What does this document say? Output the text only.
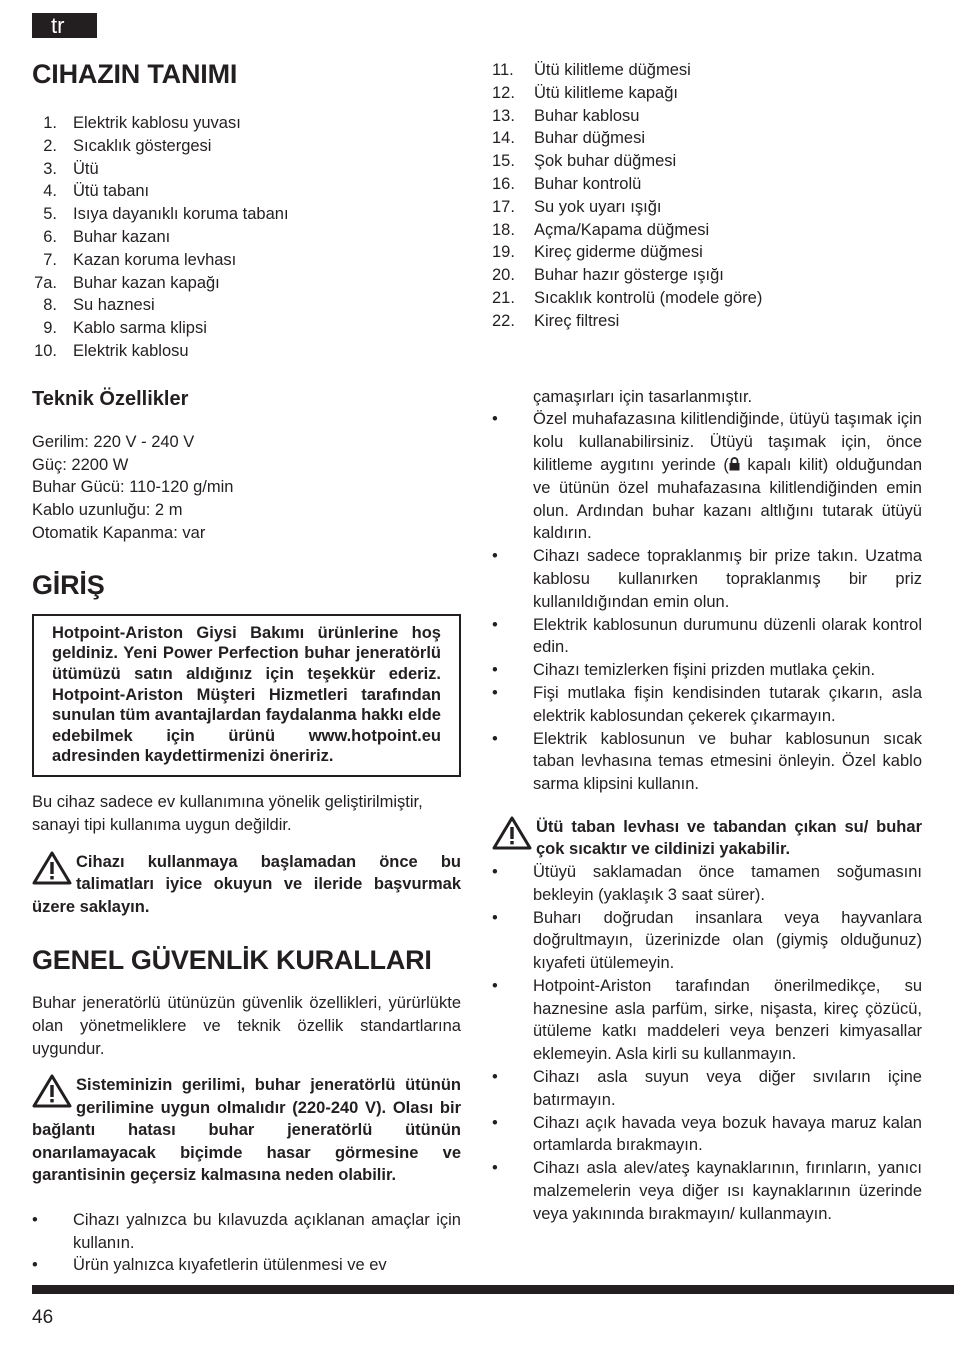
tr
CIHAZIN TANIMI
1. Elektrik kablosu yuvası
2. Sıcaklık göstergesi
3. Ütü
4. Ütü tabanı
5. Isıya dayanıklı koruma tabanı
6. Buhar kazanı
7. Kazan koruma levhası
7a. Buhar kazan kapağı
8. Su haznesi
9. Kablo sarma klipsi
10. Elektrik kablosu
Teknik Özellikler

Gerilim: 220 V - 240 V

Güç: 2200 W

Buhar Gücü: 110-120 g/min

Kablo uzunluğu: 2 m

Otomatik Kapanma: var

GİRİŞ
Hotpoint-Ariston Giysi Bakımı ürünlerine hoş geldiniz. Yeni Power Perfection buhar jeneratörlü ütümüzü satın aldığınız için teşekkür ederiz. Hotpoint-Ariston Müşteri Hizmetleri tarafından sunulan tüm avantajlardan faydalanma hakkı elde edebilmek için ürünü www.hotpoint.eu adresinden kaydettirmenizi öneririz.

Bu cihaz sadece ev kullanımına yönelik geliştirilmiştir, sanayi tipi kullanıma uygun değildir.

Cihazı kullanmaya başlamadan önce bu talimatları iyice okuyun ve ileride başvurmak üzere saklayın.
GENEL GÜVENLİK KURALLARI

Buhar jeneratörlü ütünüzün güvenlik özellikleri, yürürlükte olan yönetmeliklere ve teknik özellik standartlarına uygundur.

Sisteminizin gerilimi, buhar jeneratörlü ütünün gerilimine uygun olmalıdır (220-240 V). Olası bir bağlantı hatası buhar jeneratörlü ütünün onarılamayacak biçimde hasar görmesine ve garantisinin geçersiz kalmasına neden olabilir.
• Cihazı yalnızca bu kılavuzda açıklanan amaçlar için kullanın.
• Ürün yalnızca kıyafetlerin ütülenmesi ve ev
11.	Ütü kilitleme düğmesi
12.	Ütü kilitleme kapağı
13.	Buhar kablosu
14.	Buhar düğmesi
15.	Şok buhar düğmesi
16.	Buhar kontrolü
17.	Su yok uyarı ışığı
18.	Açma/Kapama düğmesi
19.	Kireç giderme düğmesi
20.	Buhar hazır gösterge ışığı
21.	Sıcaklık kontrolü (modele göre)
22.	Kireç filtresi

çamaşırları için tasarlanmıştır.

• Özel muhafazasına kilitlendiğinde, ütüyü taşımak için kolu kullanabilirsiniz. Ütüyü taşımak için, önce kilitleme aygıtını yerinde ( kapalı kilit) olduğundan ve ütünün özel muhafazasına kilitlendiğinden emin olun. Ardından buhar kazanı altlığını tutarak ütüyü kaldırın.
• Cihazı sadece topraklanmış bir prize takın. Uzatma kablosu kullanırken topraklanmış bir priz kullanıldığından emin olun.
• Elektrik kablosunun durumunu düzenli olarak kontrol edin.
• Cihazı temizlerken fişini prizden mutlaka çekin.
• Fişi mutlaka fişin kendisinden tutarak çıkarın, asla elektrik kablosundan çekerek çıkarmayın.
• Elektrik kablosunun ve buhar kablosunun sıcak taban levhasına temas etmesini önleyin. Özel kablo sarma klipsini kullanın.
Ütü taban levhası ve tabandan çıkan su/ buhar çok sıcaktır ve cildinizi yakabilir.
• Ütüyü saklamadan önce tamamen soğumasını bekleyin (yaklaşık 3 saat sürer).
• Buharı doğrudan insanlara veya hayvanlara doğrultmayın, üzerinizde olan (giymiş olduğunuz) kıyafeti ütülemeyin.
• Hotpoint-Ariston tarafından önerilmedikçe, su haznesine asla parfüm, sirke, nişasta, kireç çözücü, ütüleme katkı maddeleri veya benzeri kimyasallar eklemeyin. Asla kirli su kullanmayın.
• Cihazı asla suyun veya diğer sıvıların içine batırmayın.
• Cihazı açık havada veya bozuk havaya maruz kalan ortamlarda bırakmayın.
• Cihazı asla alev/ateş kaynaklarının, fırınların, yanıcı malzemelerin veya diğer ısı kaynaklarının üzerinde veya yakınında bırakmayın/ kullanmayın.
46
